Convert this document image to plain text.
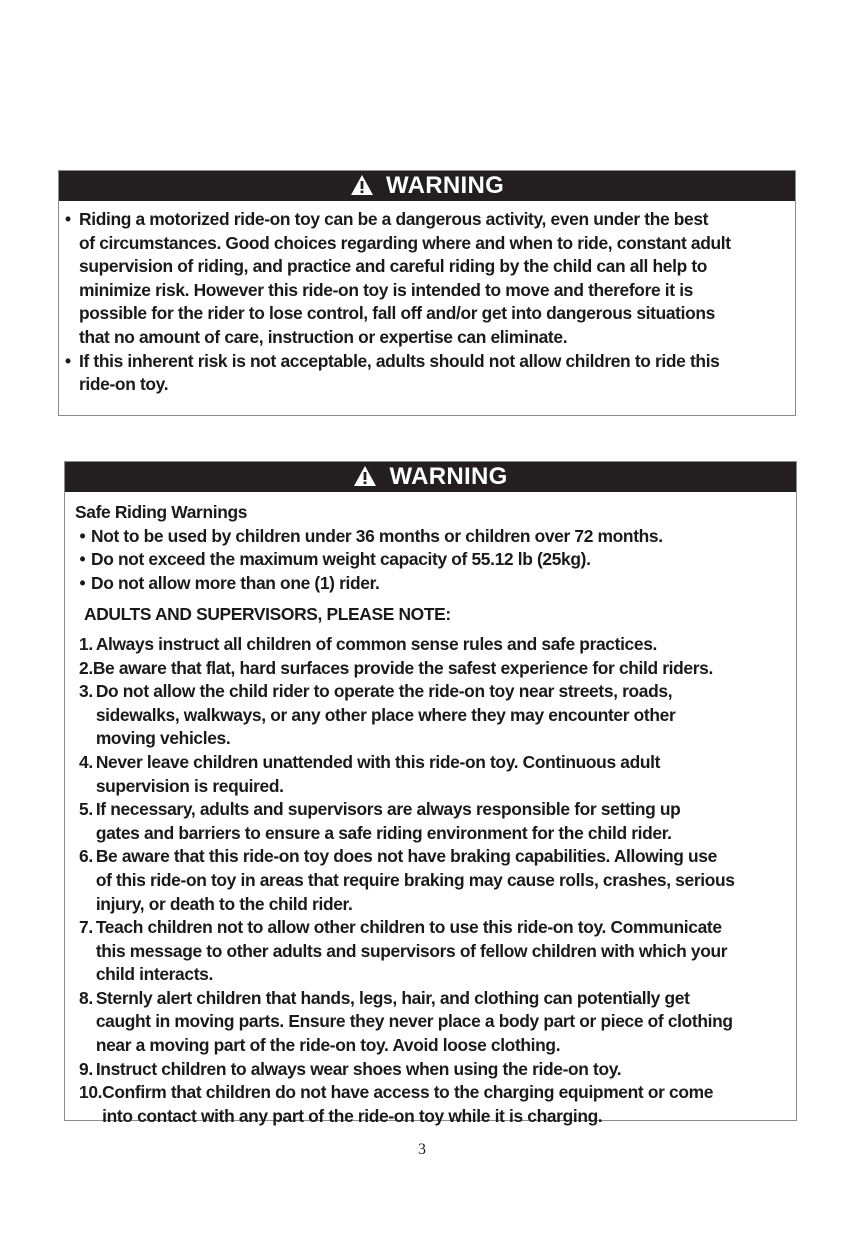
WARNING
• Riding a motorized ride-on toy can be a dangerous activity, even under the best
of circumstances. Good choices regarding where and when to ride, constant adult
supervision of riding, and practice and careful riding by the child can all help to
minimize risk. However this ride-on toy is intended to move and therefore it is
possible for the rider to lose control, fall off and/or get into dangerous situations
that no amount of care, instruction or expertise can eliminate.
• If this inherent risk is not acceptable, adults should not allow children to ride this
ride-on toy.
WARNING
Safe Riding Warnings
• Not to be used by children under 36 months or children over 72 months.
• Do not exceed the maximum weight capacity of 55.12 lb (25kg).
• Do not allow more than one (1) rider.
ADULTS AND SUPERVISORS, PLEASE NOTE:
1. Always instruct all children of common sense rules and safe practices.
2. Be aware that flat, hard surfaces provide the safest experience for child riders.
3. Do not allow the child rider to operate the ride-on toy near streets, roads,
sidewalks, walkways, or any other place where they may encounter other
moving vehicles.
4. Never leave children unattended with this ride-on toy. Continuous adult
supervision is required.
5. If necessary, adults and supervisors are always responsible for setting up
gates and barriers to ensure a safe riding environment for the child rider.
6. Be aware that this ride-on toy does not have braking capabilities. Allowing use
of this ride-on toy in areas that require braking may cause rolls, crashes, serious
injury, or death to the child rider.
7. Teach children not to allow other children to use this ride-on toy. Communicate
this message to other adults and supervisors of fellow children with which your
child interacts.
8. Sternly alert children that hands, legs, hair, and clothing can potentially get
caught in moving parts. Ensure they never place a body part or piece of clothing
near a moving part of the ride-on toy. Avoid loose clothing.
9. Instruct children to always wear shoes when using the ride-on toy.
10. Confirm that children do not have access to the charging equipment or come
into contact with any part of the ride-on toy while it is charging.
3
